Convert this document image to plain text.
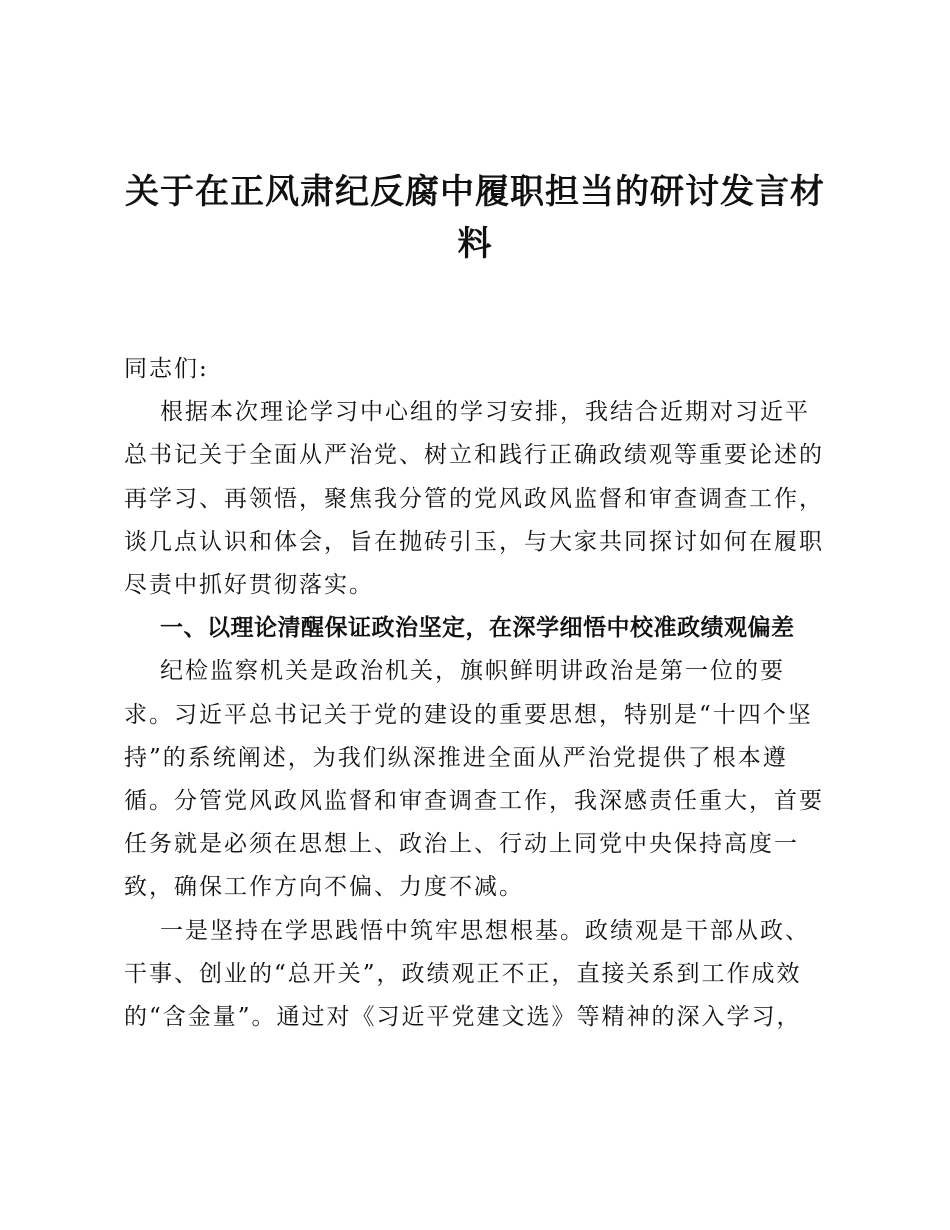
关于在正风肃纪反腐中履职担当的研讨发言材料

同志们:

根据本次理论学习中心组的学习安排，我结合近期对习近平总书记关于全面从严治党、树立和践行正确政绩观等重要论述的再学习、再领悟，聚焦我分管的党风政风监督和审查调查工作，谈几点认识和体会，旨在抛砖引玉，与大家共同探讨如何在履职尽责中抓好贯彻落实。

一、以理论清醒保证政治坚定，在深学细悟中校准政绩观偏差

纪检监察机关是政治机关，旗帜鲜明讲政治是第一位的要求。习近平总书记关于党的建设的重要思想，特别是“十四个坚持”的系统阐述，为我们纵深推进全面从严治党提供了根本遵循。分管党风政风监督和审查调查工作，我深感责任重大，首要任务就是必须在思想上、政治上、行动上同党中央保持高度一致，确保工作方向不偏、力度不减。

一是坚持在学思践悟中筑牢思想根基。政绩观是干部从政、干事、创业的“总开关”，政绩观正不正，直接关系到工作成效的“含金量”。通过对《习近平党建文选》等精神的深入学习，
